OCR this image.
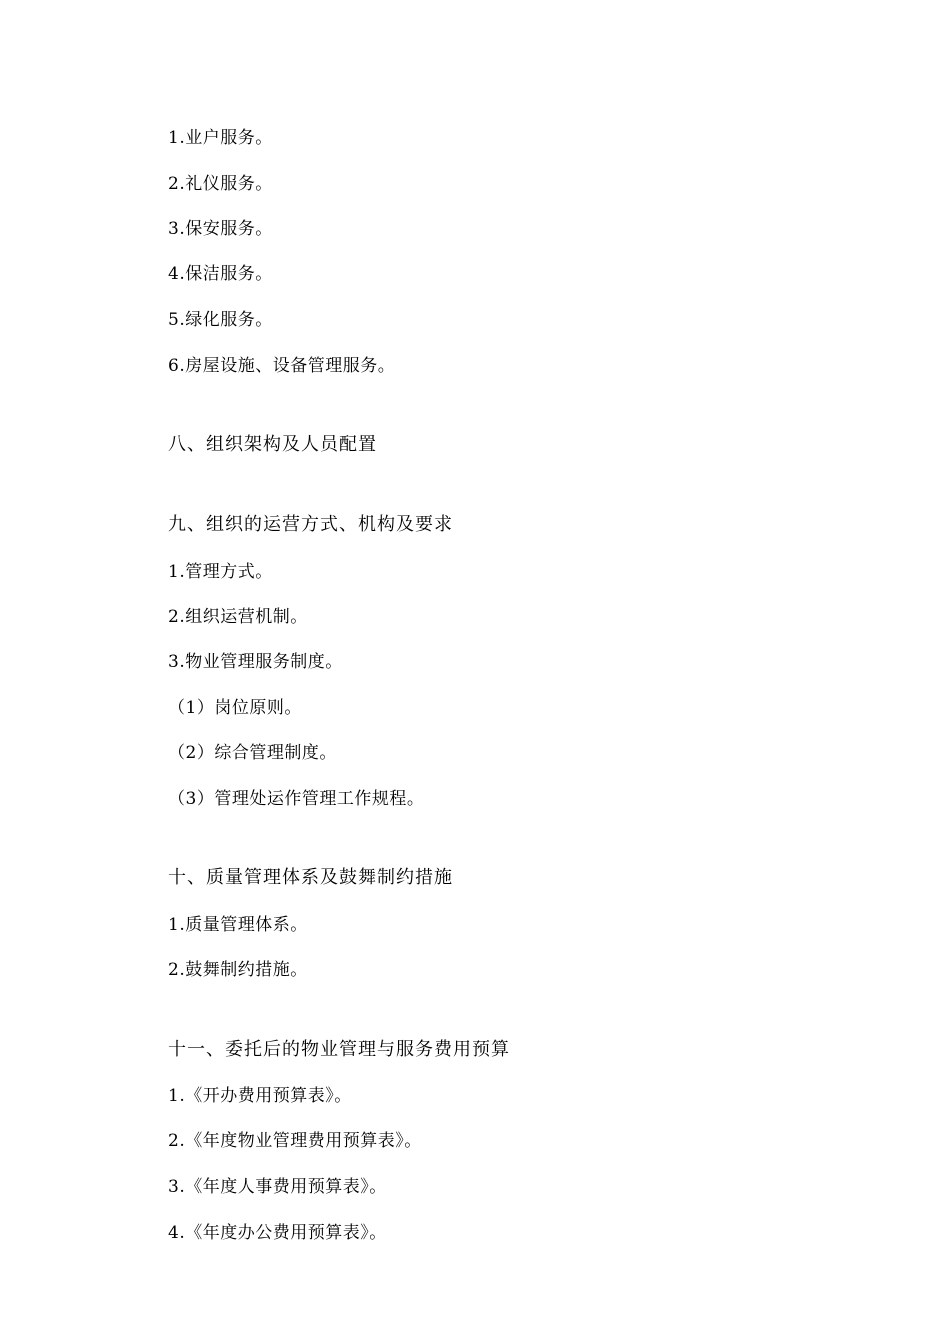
1.业户服务。
2.礼仪服务。
3.保安服务。
4.保洁服务。
5.绿化服务。
6.房屋设施、设备管理服务。
八、组织架构及人员配置
九、组织的运营方式、机构及要求
1.管理方式。
2.组织运营机制。
3.物业管理服务制度。
（1）岗位原则。
（2）综合管理制度。
（3）管理处运作管理工作规程。
十、质量管理体系及鼓舞制约措施
1.质量管理体系。
2.鼓舞制约措施。
十一、委托后的物业管理与服务费用预算
1.《开办费用预算表》。
2.《年度物业管理费用预算表》。
3.《年度人事费用预算表》。
4.《年度办公费用预算表》。
